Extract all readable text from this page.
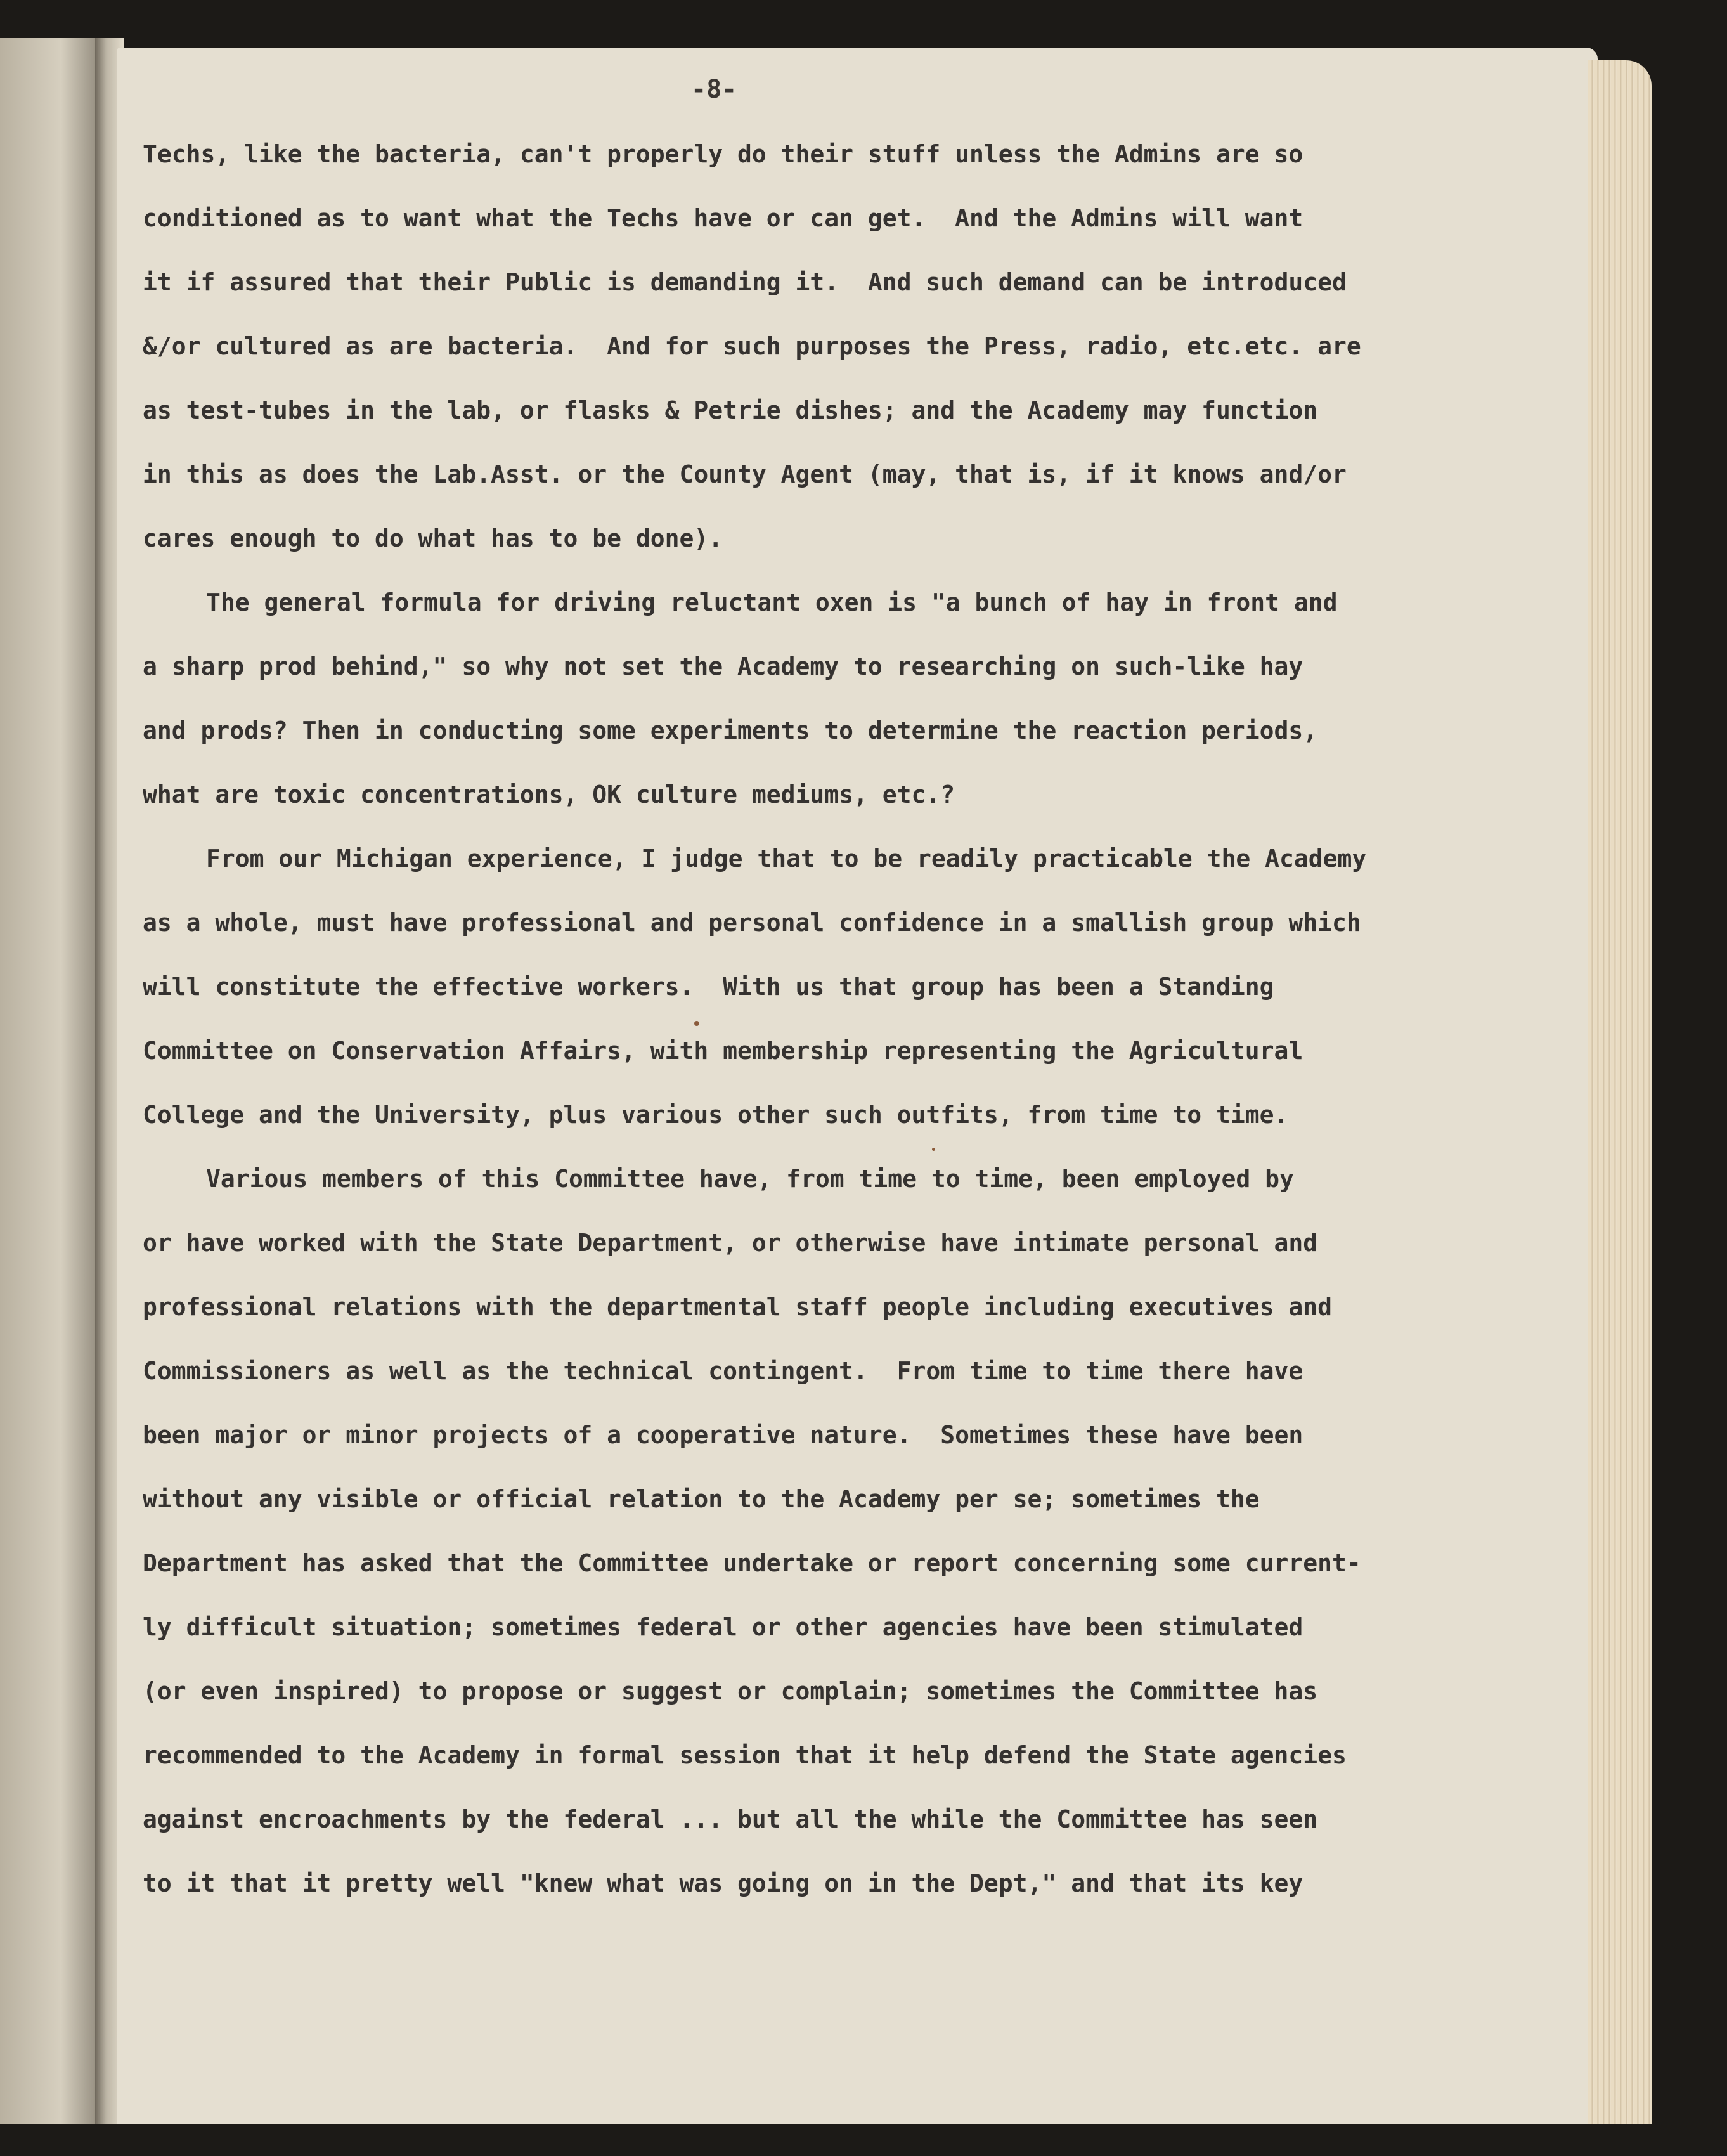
-8-
Techs, like the bacteria, can't properly do their stuff unless the Admins are so
conditioned as to want what the Techs have or can get.  And the Admins will want
it if assured that their Public is demanding it.  And such demand can be introduced
&/or cultured as are bacteria.  And for such purposes the Press, radio, etc.etc. are
as test-tubes in the lab, or flasks & Petrie dishes; and the Academy may function
in this as does the Lab.Asst. or the County Agent (may, that is, if it knows and/or
cares enough to do what has to be done).
The general formula for driving reluctant oxen is "a bunch of hay in front and
a sharp prod behind," so why not set the Academy to researching on such-like hay
and prods? Then in conducting some experiments to determine the reaction periods,
what are toxic concentrations, OK culture mediums, etc.?
From our Michigan experience, I judge that to be readily practicable the Academy
as a whole, must have professional and personal confidence in a smallish group which
will constitute the effective workers.  With us that group has been a Standing
Committee on Conservation Affairs, with membership representing the Agricultural
College and the University, plus various other such outfits, from time to time.
Various members of this Committee have, from time to time, been employed by
or have worked with the State Department, or otherwise have intimate personal and
professional relations with the departmental staff people including executives and
Commissioners as well as the technical contingent.  From time to time there have
been major or minor projects of a cooperative nature.  Sometimes these have been
without any visible or official relation to the Academy per se; sometimes the
Department has asked that the Committee undertake or report concerning some current-
ly difficult situation; sometimes federal or other agencies have been stimulated
(or even inspired) to propose or suggest or complain; sometimes the Committee has
recommended to the Academy in formal session that it help defend the State agencies
against encroachments by the federal ... but all the while the Committee has seen
to it that it pretty well "knew what was going on in the Dept," and that its key
